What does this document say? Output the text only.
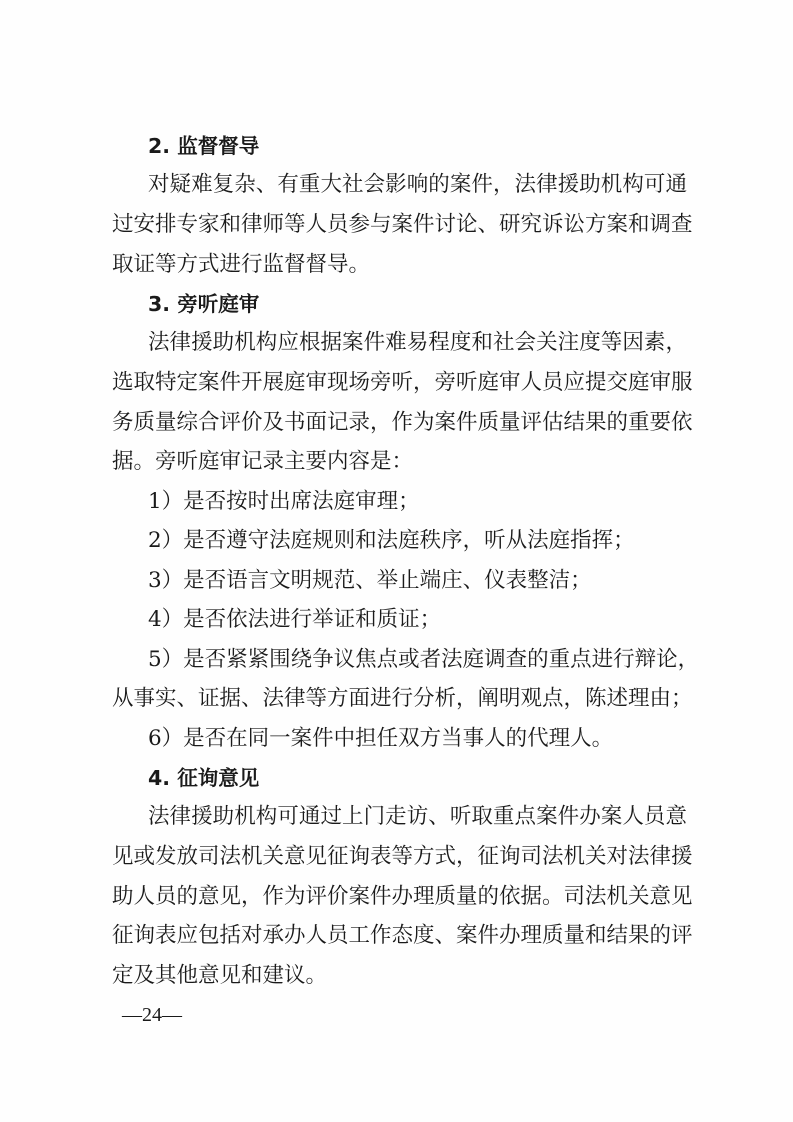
2. 监督督导
对疑难复杂、有重大社会影响的案件，法律援助机构可通
过安排专家和律师等人员参与案件讨论、研究诉讼方案和调查
取证等方式进行监督督导。
3. 旁听庭审
法律援助机构应根据案件难易程度和社会关注度等因素，
选取特定案件开展庭审现场旁听，旁听庭审人员应提交庭审服
务质量综合评价及书面记录，作为案件质量评估结果的重要依
据。旁听庭审记录主要内容是：
1）是否按时出席法庭审理；
2）是否遵守法庭规则和法庭秩序，听从法庭指挥；
3）是否语言文明规范、举止端庄、仪表整洁；
4）是否依法进行举证和质证；
5）是否紧紧围绕争议焦点或者法庭调查的重点进行辩论，
从事实、证据、法律等方面进行分析，阐明观点，陈述理由；
6）是否在同一案件中担任双方当事人的代理人。
4. 征询意见
法律援助机构可通过上门走访、听取重点案件办案人员意
见或发放司法机关意见征询表等方式，征询司法机关对法律援
助人员的意见，作为评价案件办理质量的依据。司法机关意见
征询表应包括对承办人员工作态度、案件办理质量和结果的评
定及其他意见和建议。
—24—
